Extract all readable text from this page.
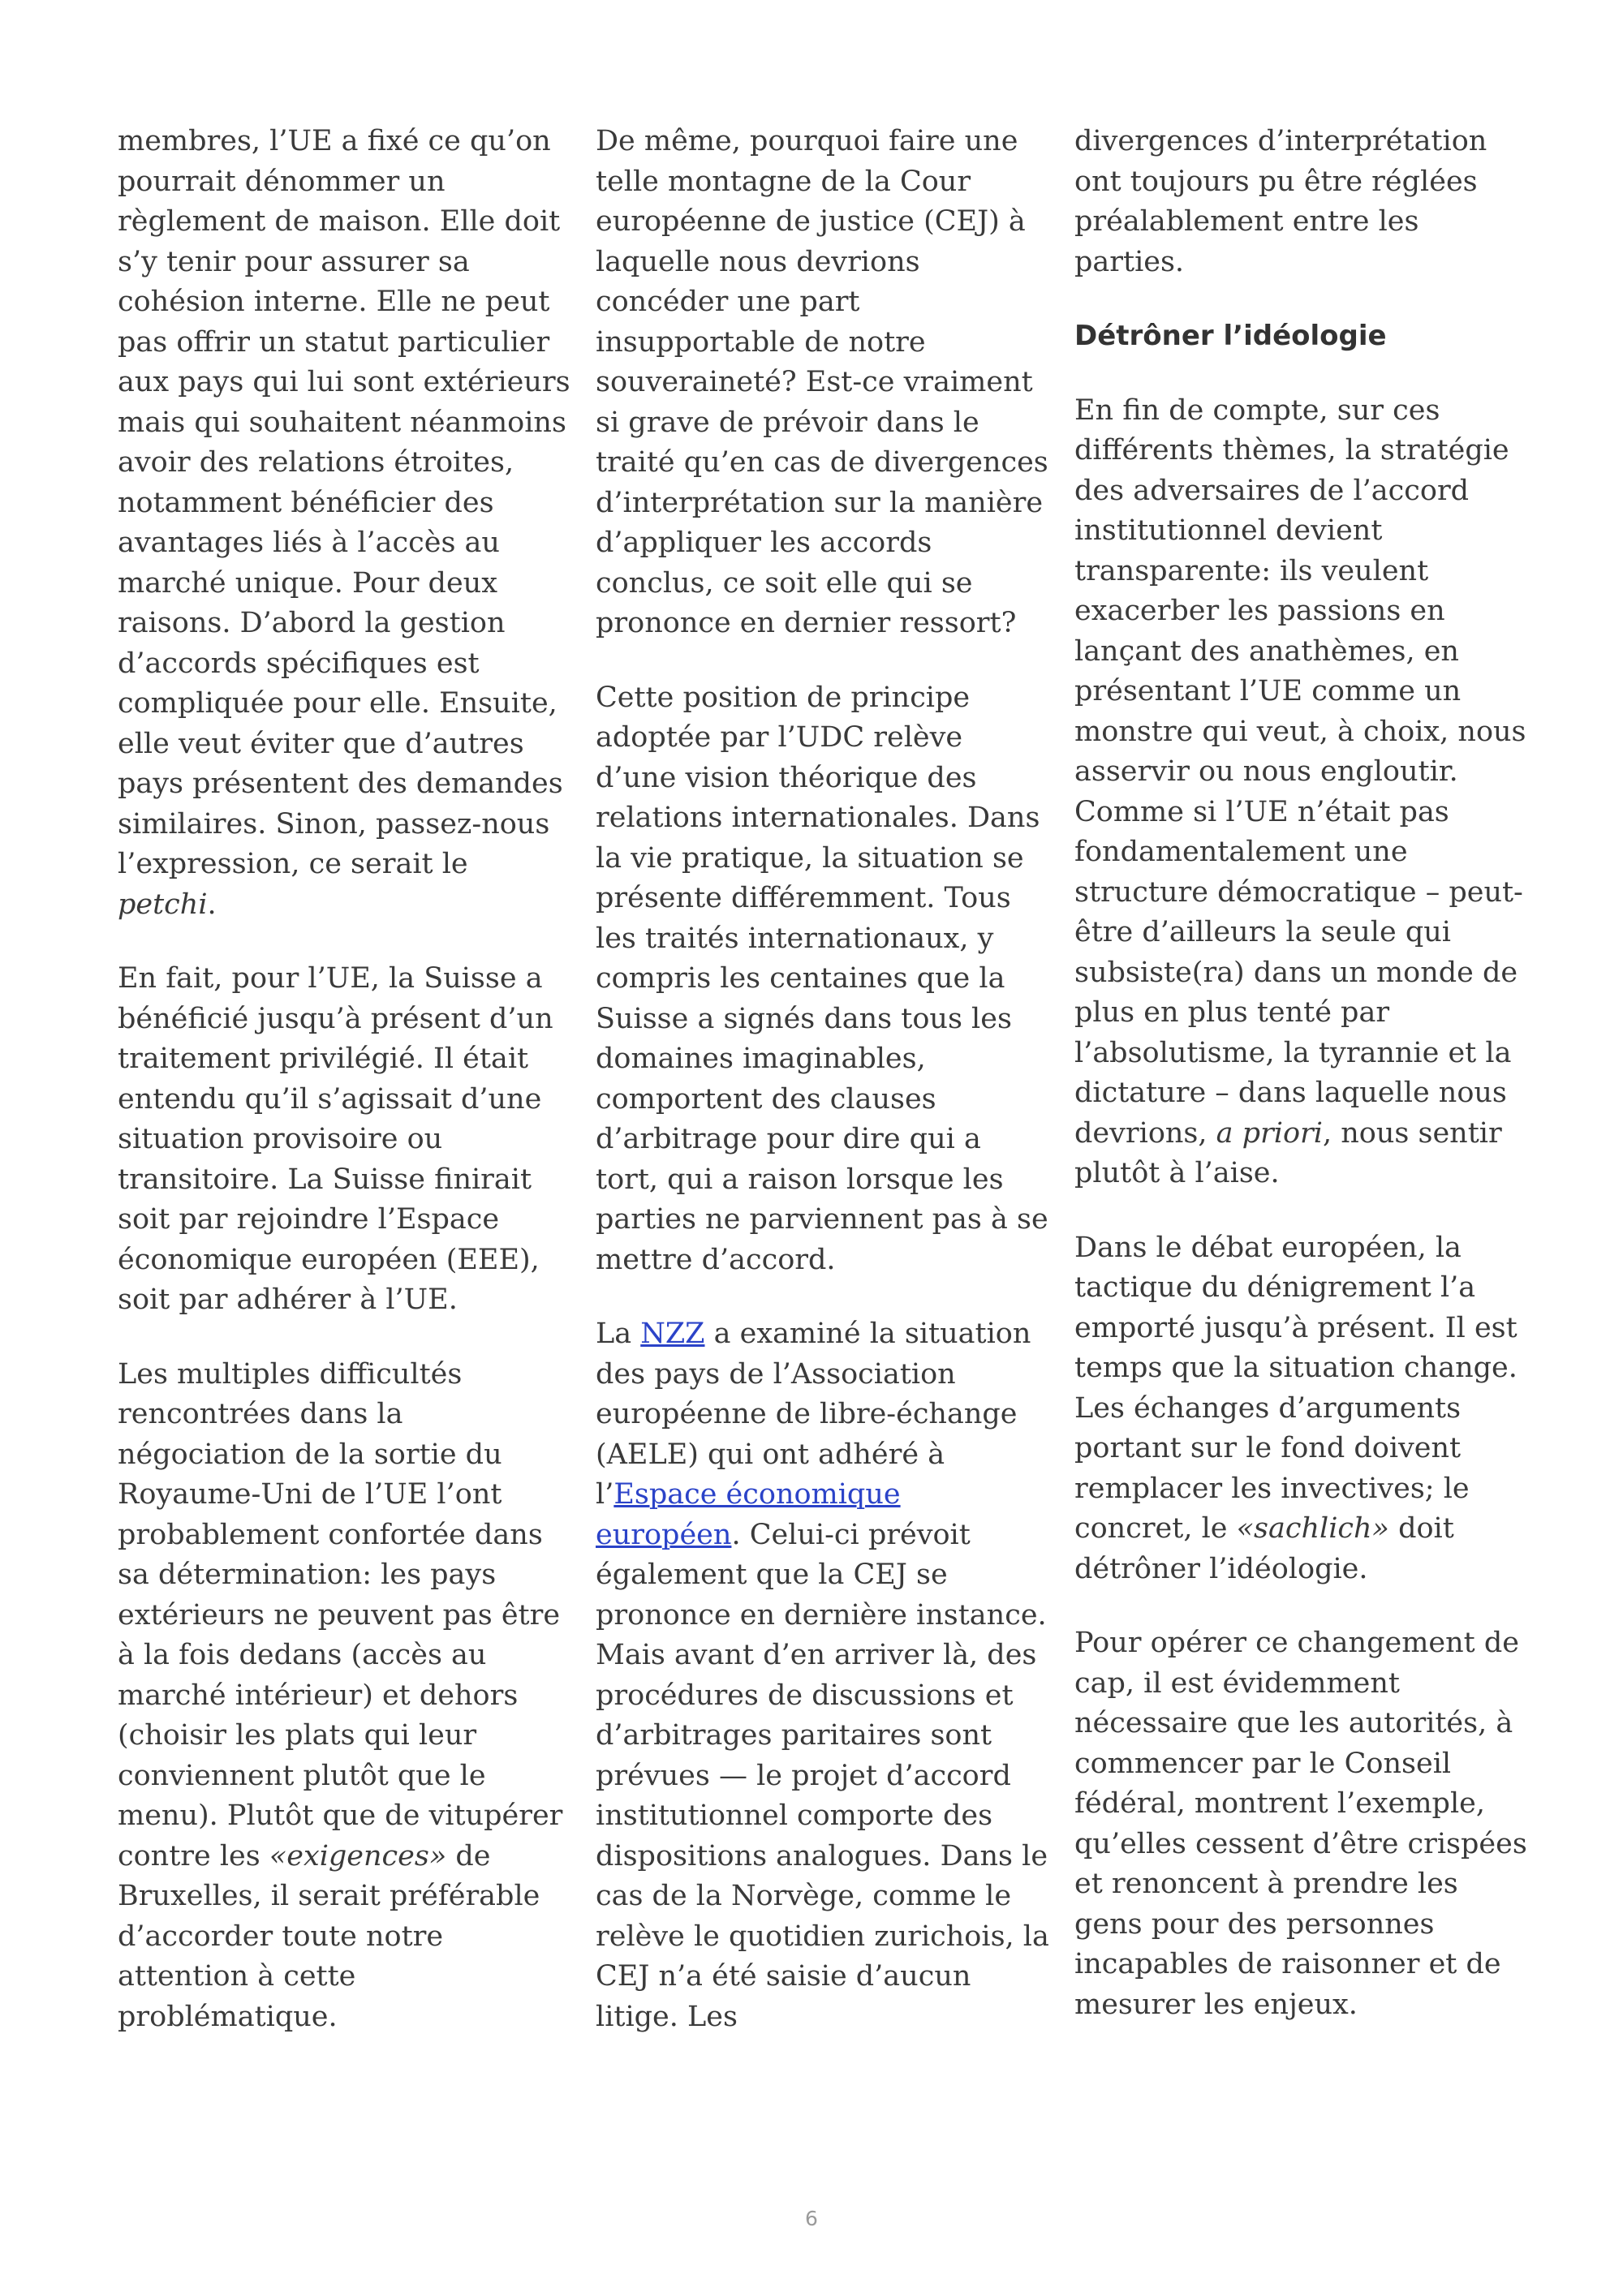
membres, l’UE a fixé ce qu’on pourrait dénommer un règlement de maison. Elle doit s’y tenir pour assurer sa cohésion interne. Elle ne peut pas offrir un statut particulier aux pays qui lui sont extérieurs mais qui souhaitent néanmoins avoir des relations étroites, notamment bénéficier des avantages liés à l’accès au marché unique. Pour deux raisons. D’abord la gestion d’accords spécifiques est compliquée pour elle. Ensuite, elle veut éviter que d’autres pays présentent des demandes similaires. Sinon, passez-nous l’expression, ce serait le petchi.

En fait, pour l’UE, la Suisse a bénéficié jusqu’à présent d’un traitement privilégié. Il était entendu qu’il s’agissait d’une situation provisoire ou transitoire. La Suisse finirait soit par rejoindre l’Espace économique européen (EEE), soit par adhérer à l’UE.

Les multiples difficultés rencontrées dans la négociation de la sortie du Royaume-Uni de l’UE l’ont probablement confortée dans sa détermination: les pays extérieurs ne peuvent pas être à la fois dedans (accès au marché intérieur) et dehors (choisir les plats qui leur conviennent plutôt que le menu). Plutôt que de vitupérer contre les «exigences» de Bruxelles, il serait préférable d’accorder toute notre attention à cette problématique.

De même, pourquoi faire une telle montagne de la Cour européenne de justice (CEJ) à laquelle nous devrions concéder une part insupportable de notre souveraineté? Est-ce vraiment si grave de prévoir dans le traité qu’en cas de divergences d’interprétation sur la manière d’appliquer les accords conclus, ce soit elle qui se prononce en dernier ressort?

Cette position de principe adoptée par l’UDC relève d’une vision théorique des relations internationales. Dans la vie pratique, la situation se présente différemment. Tous les traités internationaux, y compris les centaines que la Suisse a signés dans tous les domaines imaginables, comportent des clauses d’arbitrage pour dire qui a tort, qui a raison lorsque les parties ne parviennent pas à se mettre d’accord.

La NZZ a examiné la situation des pays de l’Association européenne de libre-échange (AELE) qui ont adhéré à l’Espace économique européen. Celui-ci prévoit également que la CEJ se prononce en dernière instance. Mais avant d’en arriver là, des procédures de discussions et d’arbitrages paritaires sont prévues — le projet d’accord institutionnel comporte des dispositions analogues. Dans le cas de la Norvège, comme le relève le quotidien zurichois, la CEJ n’a été saisie d’aucun litige. Les

divergences d’interprétation ont toujours pu être réglées préalablement entre les parties.

Détrôner l’idéologie

En fin de compte, sur ces différents thèmes, la stratégie des adversaires de l’accord institutionnel devient transparente: ils veulent exacerber les passions en lançant des anathèmes, en présentant l’UE comme un monstre qui veut, à choix, nous asservir ou nous engloutir. Comme si l’UE n’était pas fondamentalement une structure démocratique – peut-être d’ailleurs la seule qui subsiste(ra) dans un monde de plus en plus tenté par l’absolutisme, la tyrannie et la dictature – dans laquelle nous devrions, a priori, nous sentir plutôt à l’aise.

Dans le débat européen, la tactique du dénigrement l’a emporté jusqu’à présent. Il est temps que la situation change. Les échanges d’arguments portant sur le fond doivent remplacer les invectives; le concret, le «sachlich» doit détrôner l’idéologie.

Pour opérer ce changement de cap, il est évidemment nécessaire que les autorités, à commencer par le Conseil fédéral, montrent l’exemple, qu’elles cessent d’être crispées et renoncent à prendre les gens pour des personnes incapables de raisonner et de mesurer les enjeux.

6
